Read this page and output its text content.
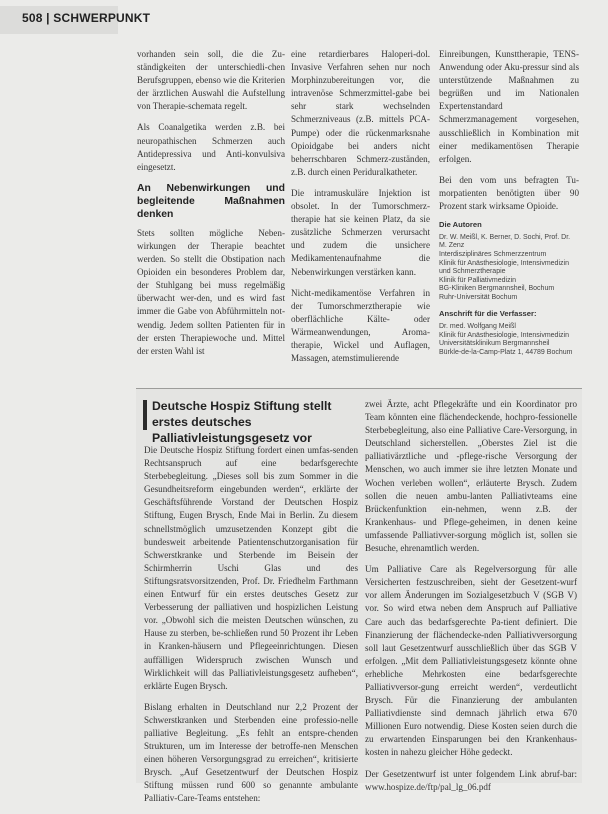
508 | SCHWERPUNKT

vorhanden sein soll, die die Zu-ständigkeiten der unterschiedli-chen Berufsgruppen, ebenso wie die Kriterien der ärztlichen Auswahl die Aufstellung von Therapie-schemata regelt.

Als Coanalgetika werden z.B. bei neuropathischen Schmerzen auch Antidepressiva und Anti-konvulsiva eingesetzt.

An Nebenwirkungen und begleitende Maßnahmen denken

Stets sollten mögliche Neben-wirkungen der Therapie beachtet werden. So stellt die Obstipation nach Opioiden ein besonderes Problem dar, der Stuhlgang bei muss regelmäßig überwacht wer-den, und es wird fast immer die Gabe von Abführmitteln not-wendig. Jedem sollten Patienten für in der ersten Therapiewoche und. Mittel der ersten Wahl ist

eine retardierbares Haloperi-dol. Invasive Verfahren sehen nur noch Morphinzubereitungen vor, die intravenöse Schmerzmittel-gabe bei sehr stark wechselnden Schmerzniveaus (z.B. mittels PCA-Pumpe) oder die rückenmarksnahe Opioidgabe bei anders nicht beherrschbaren Schmerz-zuständen, z.B. durch einen Periduralkatheter.

Die intramuskuläre Injektion ist obsolet. In der Tumorschmerz-therapie hat sie keinen Platz, da sie zusätzliche Schmerzen verursacht und zudem die unsichere Medikamentenaufnahme die Nebenwirkungen verstärken kann.

Nicht-medikamentöse Verfahren in der Tumorschmerztherapie wie oberflächliche Kälte- oder Wärmeanwendungen, Aroma-therapie, Wickel und Auflagen, Massagen, atemstimulierende

Einreibungen, Kunsttherapie, TENS-Anwendung oder Aku-pressur sind als unterstützende Maßnahmen zu begrüßen und im Nationalen Expertenstandard Schmerzmanagement vorgesehen, ausschließlich in Kombination mit einer medikamentösen Therapie erfolgen.

Bei den vom uns befragten Tu-morpatienten benötigten über 90 Prozent stark wirksame Opioide.

Die Autoren
Dr. W. Meißl, K. Berner, D. Sochi, Prof. Dr. M. Zenz
Interdisziplinäres Schmerzzentrum
Klinik für Anästhesiologie, Intensivmedizin und Schmerztherapie
Klinik für Palliativmedizin
BG-Kliniken Bergmannsheil, Bochum
Ruhr-Universität Bochum
Anschrift für die Verfasser:
Dr. med. Wolfgang Meißl
Klinik für Anästhesiologie, Intensivmedizin
Universitätsklinikum Bergmannsheil
Bürkle-de-la-Camp-Platz 1, 44789 Bochum
Deutsche Hospiz Stiftung stellt erstes deutsches Palliativleistungsgesetz vor

Die Deutsche Hospiz Stiftung fordert einen umfas-senden Rechtsanspruch auf eine bedarfsgerechte Sterbebegleitung. „Dieses soll bis zum Sommer in die Gesundheitsreform eingebunden werden“, erklärte der Geschäftsführende Vorstand der Deutschen Hospiz Stiftung, Eugen Brysch, Ende Mai in Berlin. Zu diesem schnellstmöglich umzusetzenden Konzept gibt die bundesweit arbeitende Patientenschutzorganisation für Schwerstkranke und Sterbende im Beisein der Schirmherrin Uschi Glas und des Stiftungsratsvorsitzenden, Prof. Dr. Friedhelm Farthmann einen Entwurf für ein erstes deutsches Gesetz zur Verbesserung der palliativen und hospizlichen Leistung vor. „Obwohl sich die meisten Deutschen wünschen, zu Hause zu sterben, be-schließen rund 50 Prozent ihr Leben in Kranken-häusern und Pflegeeinrichtungen. Diesen auffälligen Widerspruch zwischen Wunsch und Wirklichkeit will das Palliativleistungsgesetz aufheben“, erklärte Eugen Brysch.

Bislang erhalten in Deutschland nur 2,2 Prozent der Schwerstkranken und Sterbenden eine professio-nelle palliative Begleitung. „Es fehlt an entspre-chenden Strukturen, um im Interesse der betroffe-nen Menschen einen höheren Versorgungsgrad zu erreichen“, kritisierte Brysch. „Auf Gesetzentwurf der Deutschen Hospiz Stiftung müssen rund 600 so genannte ambulante Palliativ-Care-Teams entstehen:

zwei Ärzte, acht Pflegekräfte und ein Koordinator pro Team könnten eine flächendeckende, hochpro-fessionelle Sterbebegleitung, also eine Palliative Care-Versorgung, in Deutschland sicherstellen. „Oberstes Ziel ist die palliativärztliche und -pflege-rische Versorgung der Menschen, wo auch immer sie ihre letzten Monate und Wochen verleben wollen“, erläuterte Brysch. Zudem sollen die neuen ambu-lanten Palliativteams eine Brückenfunktion ein-nehmen, wenn z.B. der Krankenhaus- und Pflege-geheimen, in denen keine umfassende Palliativver-sorgung möglich ist, sollen sie Besuche, ehrenamtlich werden.

Um Palliative Care als Regelversorgung für alle Versicherten festzuschreiben, sieht der Gesetzent-wurf vor allem Änderungen im Sozialgesetzbuch V (SGB V) vor. So wird etwa neben dem Anspruch auf Palliative Care auch das bedarfsgerechte Pa-tient definiert. Die Finanzierung der flächendecke-nden Palliativversorgung soll laut Gesetzentwurf ausschließlich über das SGB V erfolgen. „Mit dem Palliativleistungsgesetz könnte ohne erhebliche Mehrkosten eine bedarfsgerechte Palliativversor-gung erreicht werden“, verdeutlicht Brysch. Für die Finanzierung der ambulanten Palliativdienste sind demnach jährlich etwa 670 Millionen Euro notwendig. Diese Kosten seien durch die zu erwartenden Einsparungen bei den Krankenhaus-kosten in nahezu gleicher Höhe gedeckt.

Der Gesetzentwurf ist unter folgendem Link abruf-bar: www.hospize.de/ftp/pal_lg_06.pdf
